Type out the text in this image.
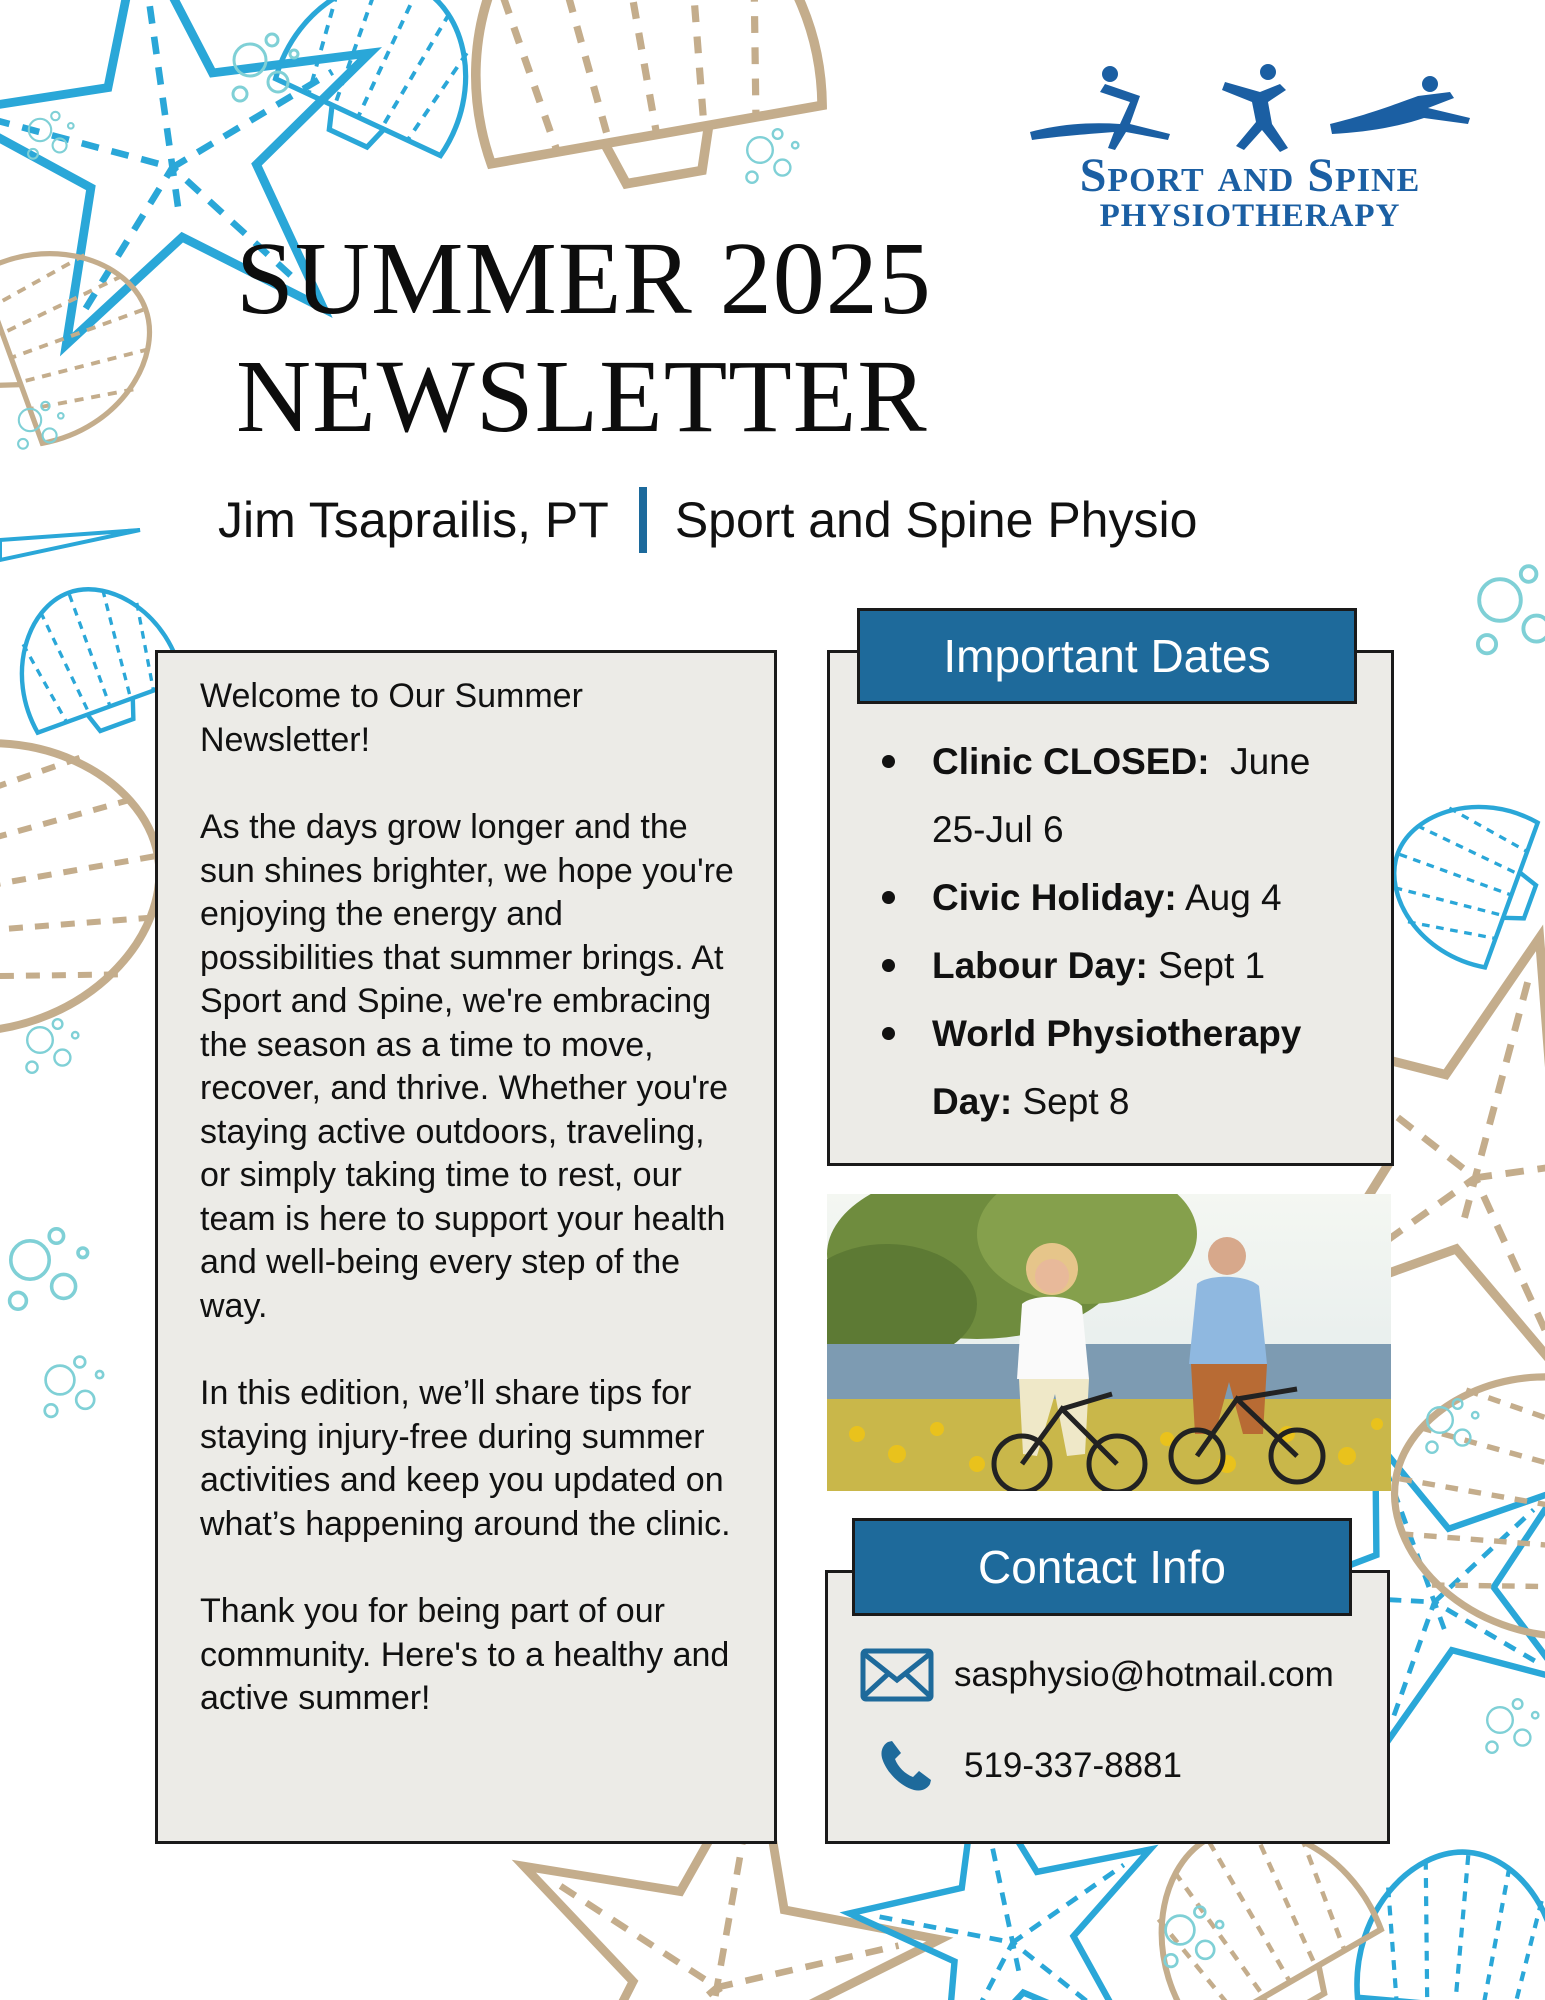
Sport and Spine
PHYSIOTHERAPY
SUMMER 2025
NEWSLETTER
Jim Tsaprailis, PT Sport and Spine Physio

Welcome to Our Summer Newsletter!

As the days grow longer and the sun shines brighter, we hope you're enjoying the energy and possibilities that summer brings. At Sport and Spine, we're embracing the season as a time to move, recover, and thrive. Whether you're staying active outdoors, traveling, or simply taking time to rest, our team is here to support your health and well-being every step of the way.

In this edition, we’ll share tips for staying injury-free during summer activities and keep you updated on what’s happening around the clinic.

Thank you for being part of our community. Here's to a healthy and active summer!

Clinic CLOSED: June 25-Jul 6
Civic Holiday: Aug 4
Labour Day: Sept 1
World Physiotherapy Day: Sept 8
Important Dates
Contact Info
sasphysio@hotmail.com
519-337-8881
